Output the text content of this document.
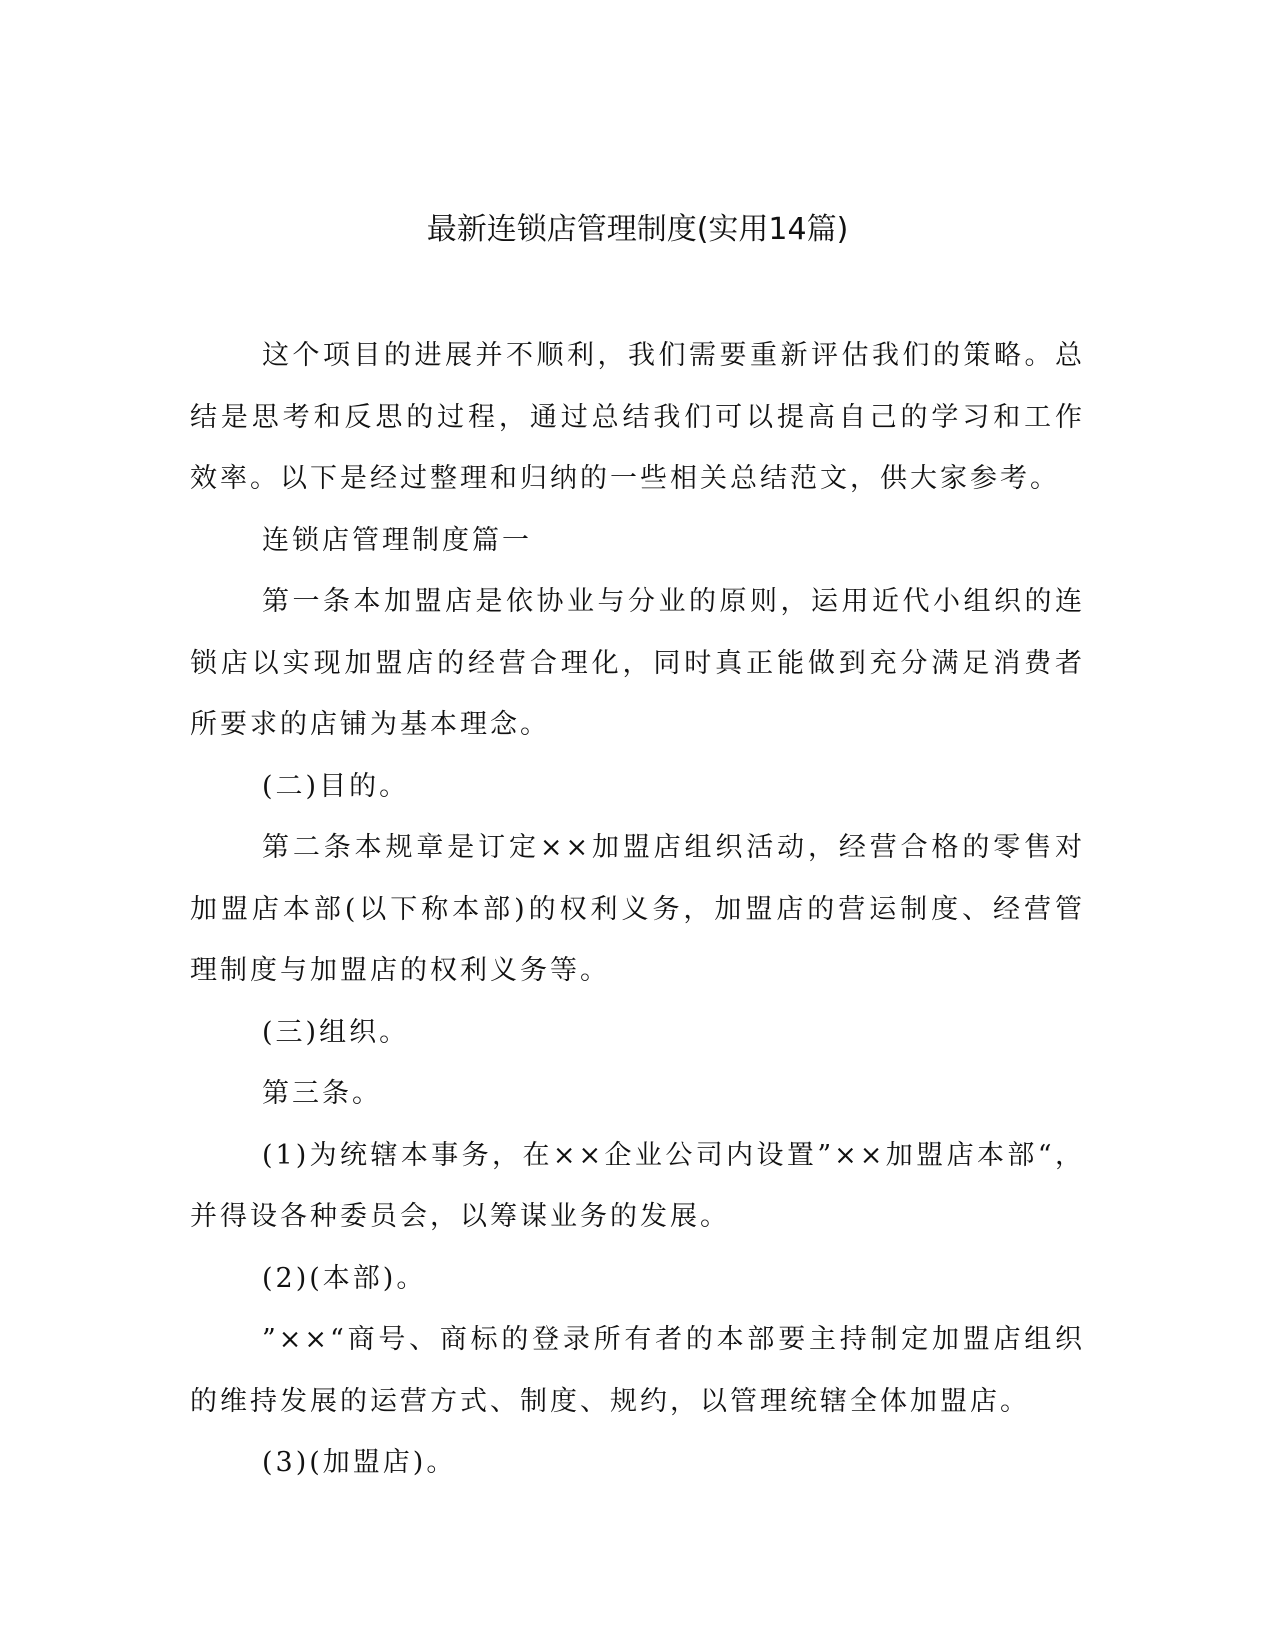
最新连锁店管理制度(实用14篇)

这个项目的进展并不顺利，我们需要重新评估我们的策略。总结是思考和反思的过程，通过总结我们可以提高自己的学习和工作效率。以下是经过整理和归纳的一些相关总结范文，供大家参考。

连锁店管理制度篇一

第一条本加盟店是依协业与分业的原则，运用近代小组织的连锁店以实现加盟店的经营合理化，同时真正能做到充分满足消费者所要求的店铺为基本理念。

(二)目的。

第二条本规章是订定××加盟店组织活动，经营合格的零售对加盟店本部(以下称本部)的权利义务，加盟店的营运制度、经营管理制度与加盟店的权利义务等。

(三)组织。

第三条。

(1)为统辖本事务，在××企业公司内设置”××加盟店本部“，并得设各种委员会，以筹谋业务的发展。

(2)(本部)。

”××“商号、商标的登录所有者的本部要主持制定加盟店组织的维持发展的运营方式、制度、规约，以管理统辖全体加盟店。

(3)(加盟店)。
